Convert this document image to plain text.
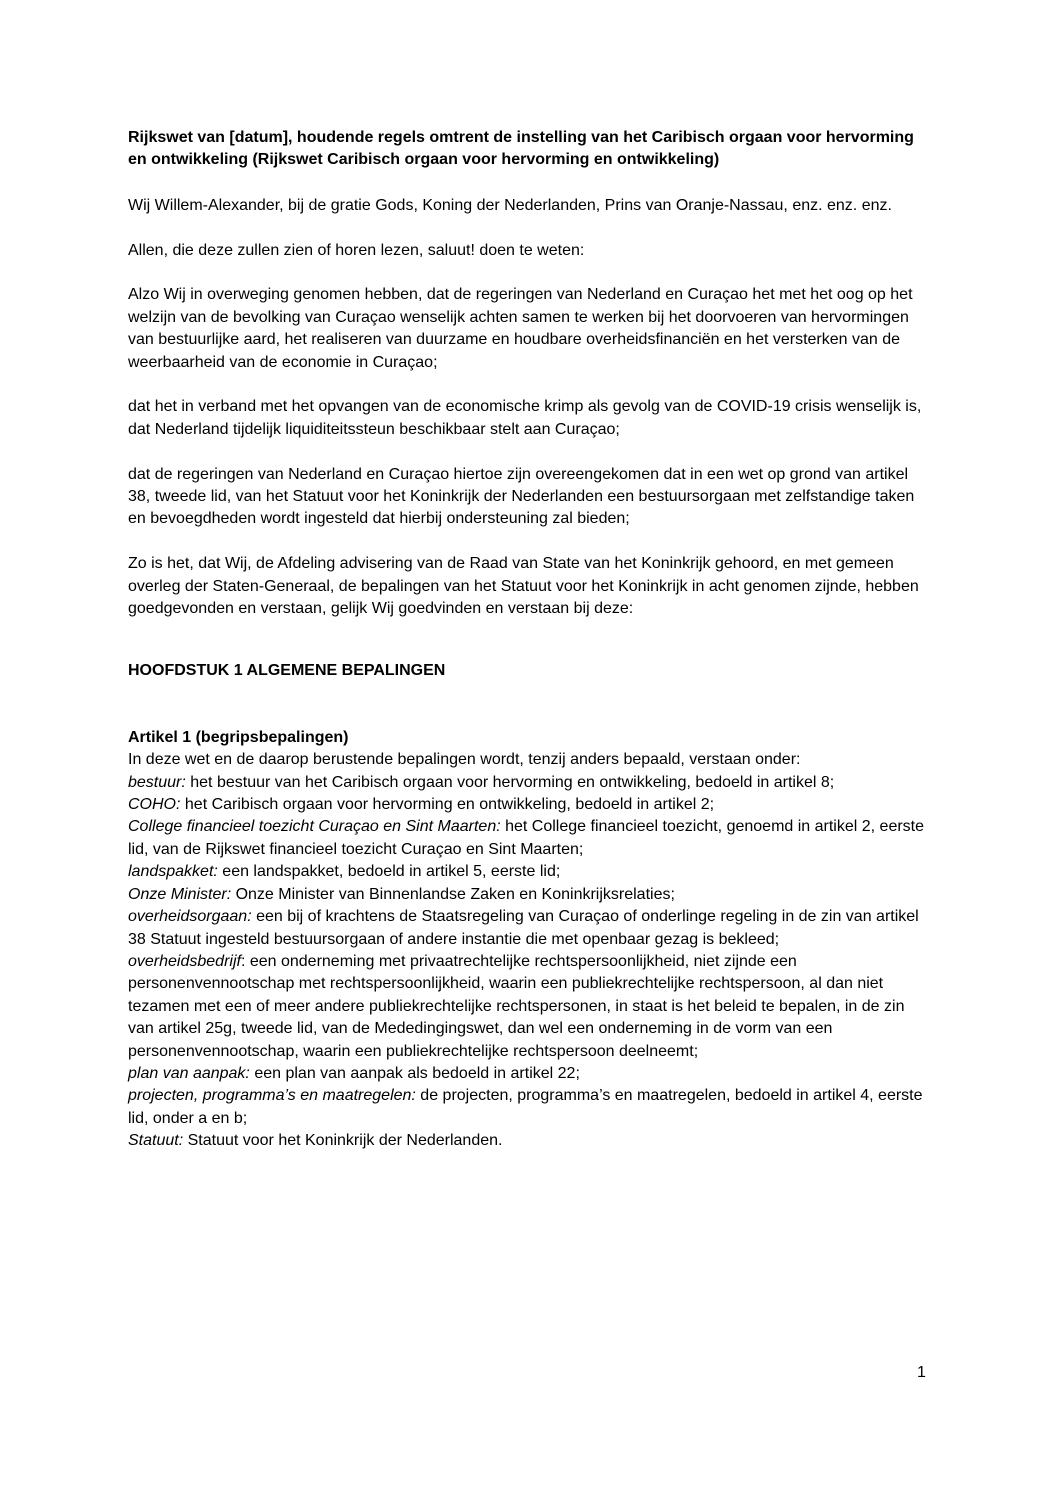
Rijkswet van [datum], houdende regels omtrent de instelling van het Caribisch orgaan voor hervorming en ontwikkeling (Rijkswet Caribisch orgaan voor hervorming en ontwikkeling)

Wij Willem-Alexander, bij de gratie Gods, Koning der Nederlanden, Prins van Oranje-Nassau, enz. enz. enz.

Allen, die deze zullen zien of horen lezen, saluut! doen te weten:

Alzo Wij in overweging genomen hebben, dat de regeringen van Nederland en Curaçao het met het oog op het welzijn van de bevolking van Curaçao wenselijk achten samen te werken bij het doorvoeren van hervormingen van bestuurlijke aard, het realiseren van duurzame en houdbare overheidsfinanciën en het versterken van de weerbaarheid van de economie in Curaçao;

dat het in verband met het opvangen van de economische krimp als gevolg van de COVID-19 crisis wenselijk is, dat Nederland tijdelijk liquiditeitssteun beschikbaar stelt aan Curaçao;

dat de regeringen van Nederland en Curaçao hiertoe zijn overeengekomen dat in een wet op grond van artikel 38, tweede lid, van het Statuut voor het Koninkrijk der Nederlanden een bestuursorgaan met zelfstandige taken en bevoegdheden wordt ingesteld dat hierbij ondersteuning zal bieden;

Zo is het, dat Wij, de Afdeling advisering van de Raad van State van het Koninkrijk gehoord, en met gemeen overleg der Staten-Generaal, de bepalingen van het Statuut voor het Koninkrijk in acht genomen zijnde, hebben goedgevonden en verstaan, gelijk Wij goedvinden en verstaan bij deze:

HOOFDSTUK 1 ALGEMENE BEPALINGEN

Artikel 1 (begripsbepalingen)

In deze wet en de daarop berustende bepalingen wordt, tenzij anders bepaald, verstaan onder:

bestuur: het bestuur van het Caribisch orgaan voor hervorming en ontwikkeling, bedoeld in artikel 8;

COHO: het Caribisch orgaan voor hervorming en ontwikkeling, bedoeld in artikel 2;

College financieel toezicht Curaçao en Sint Maarten: het College financieel toezicht, genoemd in artikel 2, eerste lid, van de Rijkswet financieel toezicht Curaçao en Sint Maarten;

landspakket: een landspakket, bedoeld in artikel 5, eerste lid;

Onze Minister: Onze Minister van Binnenlandse Zaken en Koninkrijksrelaties;

overheidsorgaan: een bij of krachtens de Staatsregeling van Curaçao of onderlinge regeling in de zin van artikel 38 Statuut ingesteld bestuursorgaan of andere instantie die met openbaar gezag is bekleed;

overheidsbedrijf: een onderneming met privaatrechtelijke rechtspersoonlijkheid, niet zijnde een personenvennootschap met rechtspersoonlijkheid, waarin een publiekrechtelijke rechtspersoon, al dan niet tezamen met een of meer andere publiekrechtelijke rechtspersonen, in staat is het beleid te bepalen, in de zin van artikel 25g, tweede lid, van de Mededingingswet, dan wel een onderneming in de vorm van een personenvennootschap, waarin een publiekrechtelijke rechtspersoon deelneemt;

plan van aanpak: een plan van aanpak als bedoeld in artikel 22;

projecten, programma’s en maatregelen: de projecten, programma’s en maatregelen, bedoeld in artikel 4, eerste lid, onder a en b;

Statuut: Statuut voor het Koninkrijk der Nederlanden.

1
